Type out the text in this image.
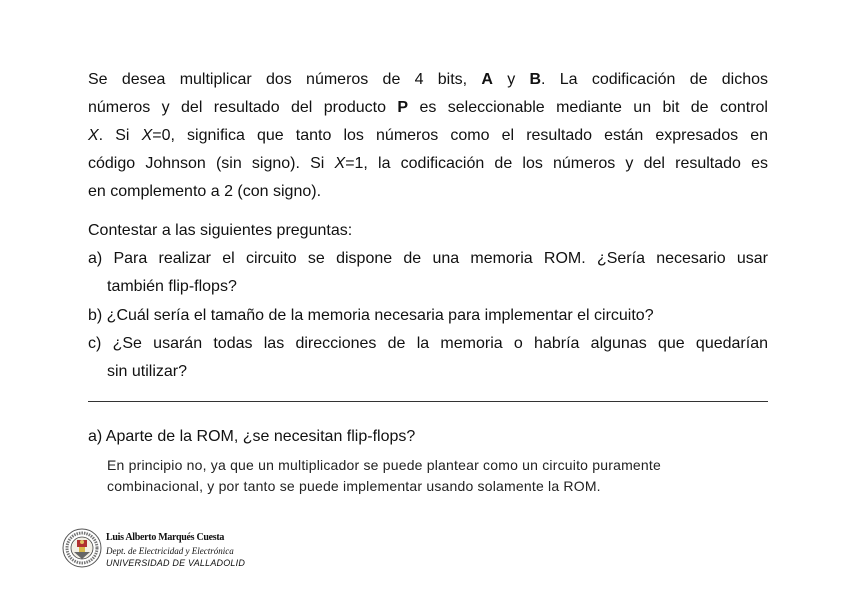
Se desea multiplicar dos números de 4 bits, A y B. La codificación de dichos
números y del resultado del producto P es seleccionable mediante un bit de control
X. Si X=0, significa que tanto los números como el resultado están expresados en
código Johnson (sin signo). Si X=1, la codificación de los números y del resultado es
en complemento a 2 (con signo).
Contestar a las siguientes preguntas:
a) Para realizar el circuito se dispone de una memoria ROM. ¿Sería necesario usar
también flip-flops?
b) ¿Cuál sería el tamaño de la memoria necesaria para implementar el circuito?
c) ¿Se usarán todas las direcciones de la memoria o habría algunas que quedarían
sin utilizar?
a) Aparte de la ROM, ¿se necesitan flip-flops?
En principio no, ya que un multiplicador se puede plantear como un circuito puramente
combinacional, y por tanto se puede implementar usando solamente la ROM.
Luis Alberto Marqués Cuesta
Dept. de Electricidad y Electrónica
UNIVERSIDAD DE VALLADOLID
